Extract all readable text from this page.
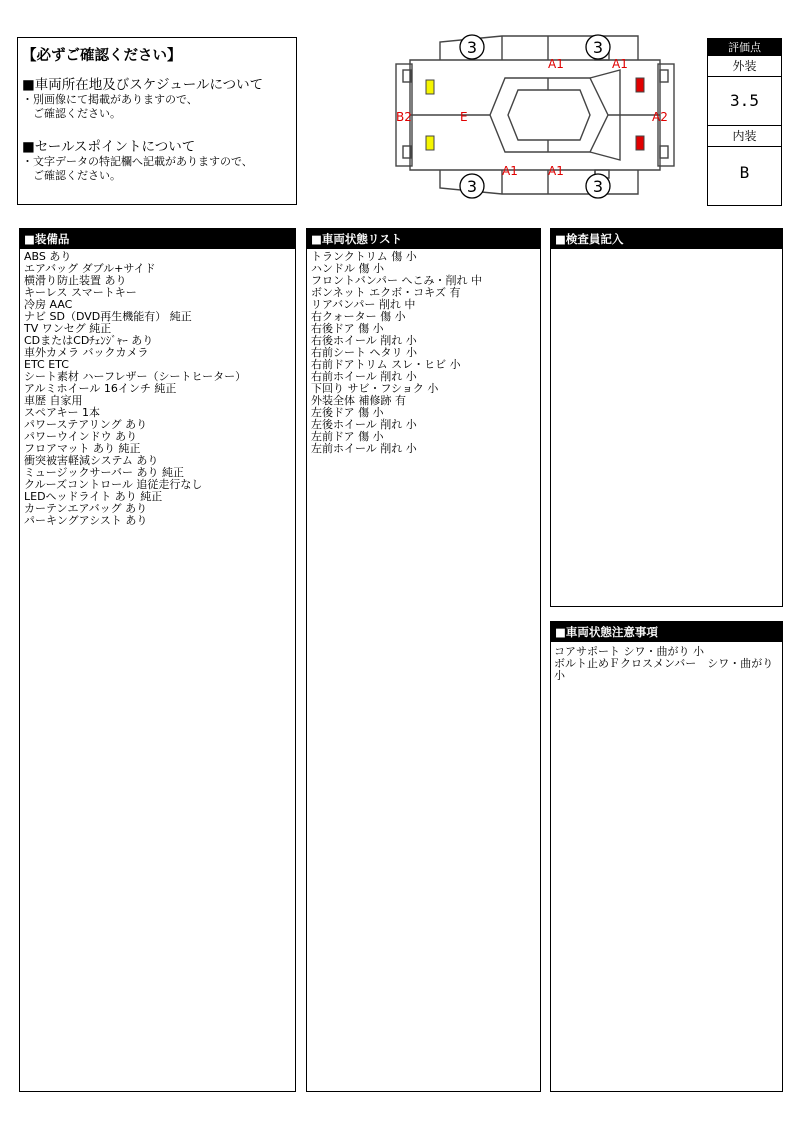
【必ずご確認ください】
■車両所在地及びスケジュールについて
・別画像にて掲載がありますので、
　ご確認ください。
■セールスポイントについて
・文字データの特記欄へ記載がありますので、
　ご確認ください。
3	3
3	3
A1	A1
B2	E	A2
A1	A1
評価点
外装
3.5
内装
B
■装備品
ABS あり
エアバッグ ダブル+サイド
横滑り防止装置 あり
キーレス スマートキー
冷房 AAC
ナビ SD（DVD再生機能有） 純正
TV ワンセグ 純正
CDまたはCDﾁｪﾝｼﾞｬｰ あり
車外カメラ バックカメラ
ETC ETC
シート素材 ハーフレザー（シートヒーター）
アルミホイール 16インチ 純正
車歴 自家用
スペアキー 1本
パワーステアリング あり
パワーウインドウ あり
フロアマット あり 純正
衝突被害軽減システム あり
ミュージックサーバー あり 純正
クルーズコントロール 追従走行なし
LEDヘッドライト あり 純正
カーテンエアバッグ あり
パーキングアシスト あり
■車両状態リスト
トランクトリム 傷 小
ハンドル 傷 小
フロントバンパー へこみ・削れ 中
ボンネット エクボ・コキズ 有
リアバンパー 削れ 中
右クォーター 傷 小
右後ドア 傷 小
右後ホイール 削れ 小
右前シート ヘタリ 小
右前ドアトリム スレ・ヒビ 小
右前ホイール 削れ 小
下回り サビ・フショク 小
外装全体 補修跡 有
左後ドア 傷 小
左後ホイール 削れ 小
左前ドア 傷 小
左前ホイール 削れ 小
■検査員記入
■車両状態注意事項
コアサポート シワ・曲がり 小
ボルト止めＦクロスメンバー　シワ・曲がり　小
